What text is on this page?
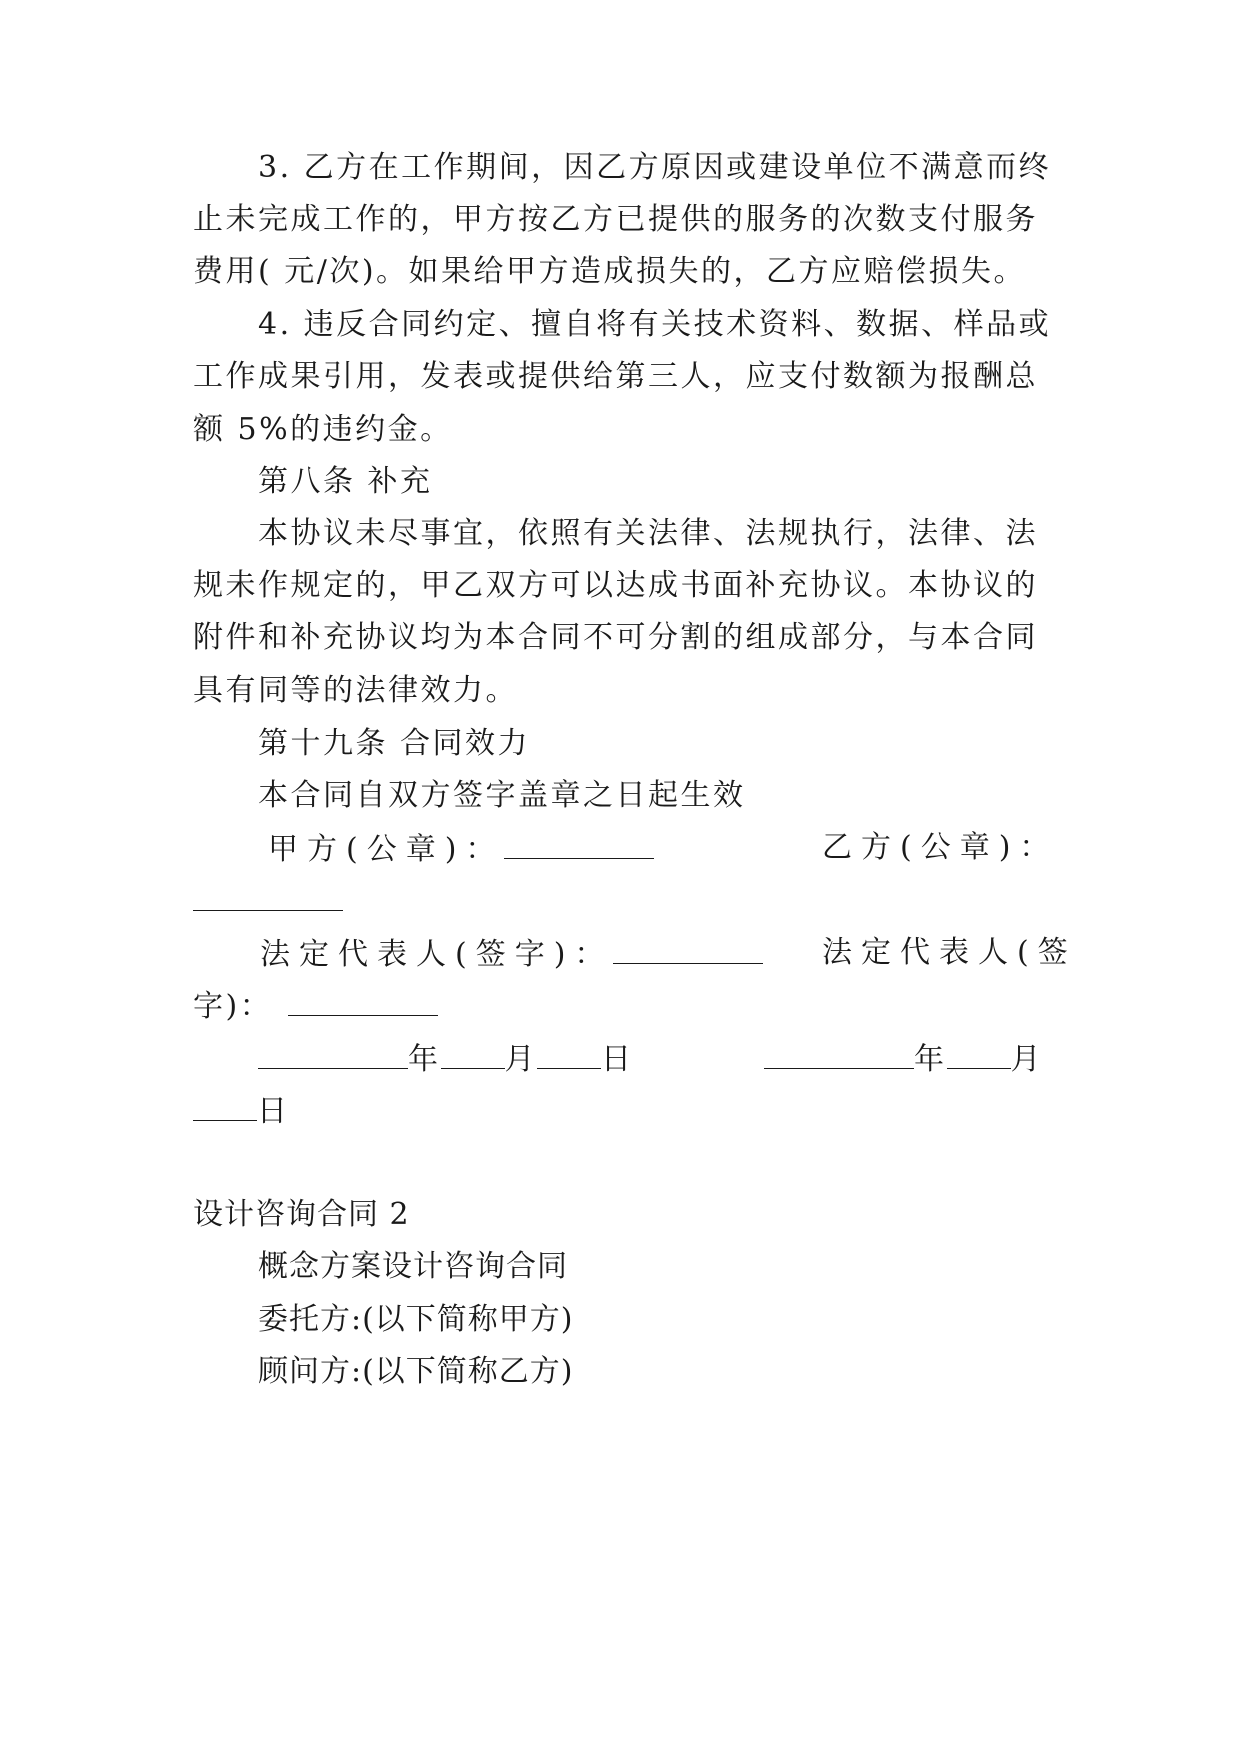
3. 乙方在工作期间，因乙方原因或建设单位不满意而终
止未完成工作的，甲方按乙方已提供的服务的次数支付服务
费用( 元/次)。如果给甲方造成损失的，乙方应赔偿损失。
4. 违反合同约定、擅自将有关技术资料、数据、样品或
工作成果引用，发表或提供给第三人，应支付数额为报酬总
额 5%的违约金。
第八条 补充
本协议未尽事宜，依照有关法律、法规执行，法律、法
规未作规定的，甲乙双方可以达成书面补充协议。本协议的
附件和补充协议均为本合同不可分割的组成部分，与本合同
具有同等的法律效力。
第十九条 合同效力
本合同自双方签字盖章之日起生效
甲方(公章)：	乙方(公章)：
法定代表人(签字)：	法定代表人(签
字)：
年 月 日	年 月
日
设计咨询合同 2
概念方案设计咨询合同
委托方:(以下简称甲方)
顾问方:(以下简称乙方)
